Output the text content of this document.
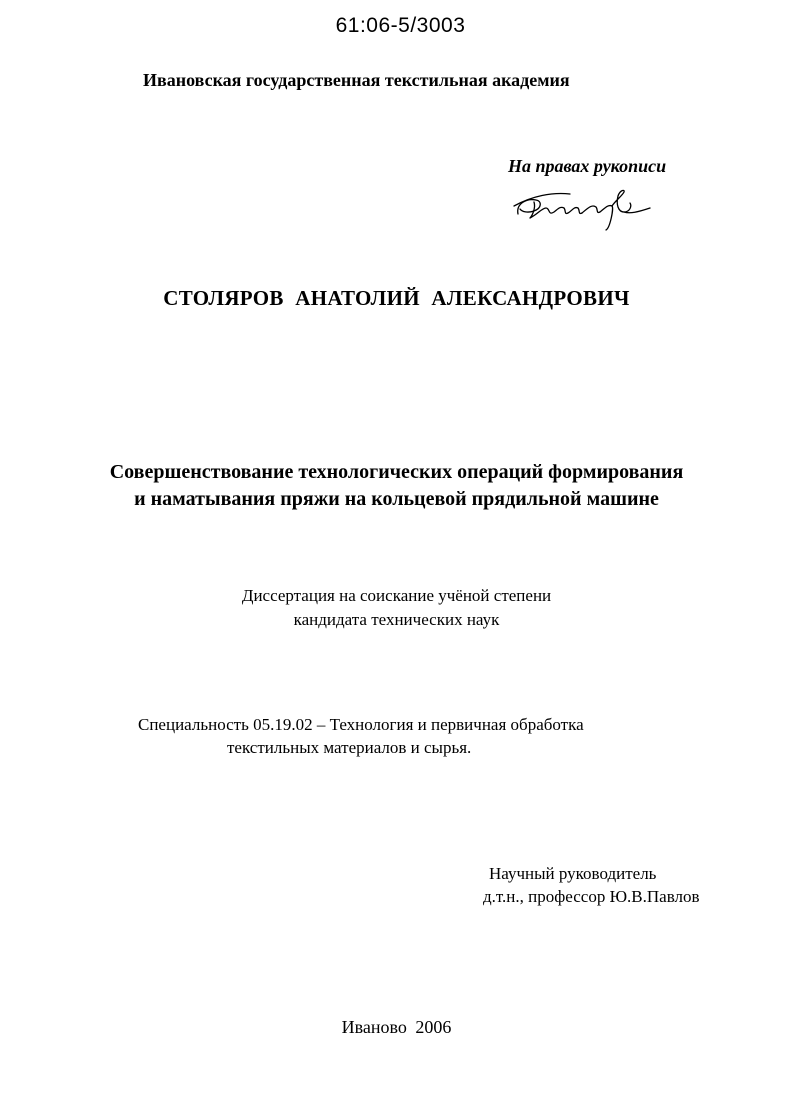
61:06-5/3003

Ивановская государственная текстильная академия

На правах рукописи

СТОЛЯРОВ АНАТОЛИЙ АЛЕКСАНДРОВИЧ

Совершенствование технологических операций формирования
и наматывания пряжи на кольцевой прядильной машине
Диссертация на соискание учёной степени
кандидата технических наук

Специальность 05.19.02 – Технология и первичная обработка

текстильных материалов и сырья.

Научный руководитель

д.т.н., профессор Ю.В.Павлов

Иваново 2006
